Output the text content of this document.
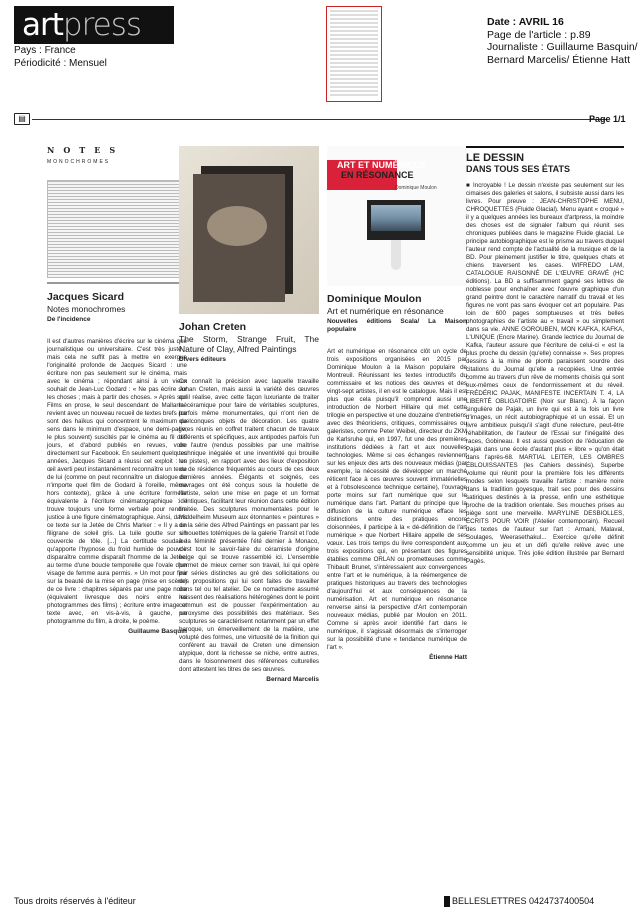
artpress
Pays : France
Périodicité : Mensuel
Date : AVRIL 16
Page de l'article : p.89
Journaliste : Guillaume Basquin/
Bernard Marcelis/ Étienne Hatt
▤	Page 1/1
NOTES
MONOCHROMES
Jacques Sicard
Notes monochromes
De l'incidence
Il est d'autres manières d'écrire sur le cinéma que journalistique ou universitaire. C'est très juste ; mais cela ne suffit pas à mettre en exergue l'originalité profonde de Jacques Sicard : une écriture non pas seulement sur le cinéma, mais avec le cinéma ; répondant ainsi à un vieux souhait de Jean-Luc Godard : « Ne pas écrire sur les choses ; mais à partir des choses. » Après son Films en prose, le seul descendant de Mallarmé revient avec un nouveau recueil de textes brefs (ce sont des haïkus qui concentrent le maximum de sens dans le minimum d'espace, une demi-page, le plus souvent) suscités par le cinéma au fil des jours, et d'abord publiés en revues, voire directement sur Facebook. En seulement quelques années, Jacques Sicard a réussi cet exploit : un œil averti peut instantanément reconnaître un texte de lui (comme on peut reconnaître un dialogue de n'importe quel film de Godard à l'oreille, même hors contexte), grâce à une écriture formelle équivalente à l'écriture cinématographique : il trouve toujours une forme verbale pour rendre justice à une figure cinématographique. Ainsi, dans ce texte sur la Jetée de Chris Marker : « Il y a un filigrane de soleil gris. La tuile goutte sur un couvercle de tôle. [...] La certitude soudaine qu'apporte l'hypnose du froid humide de pouvoir disparaître comme disparaît l'homme de la Jetée, au terme d'une boucle temporelle que l'ovale d'un visage de femme aura permis. » Un mot pour finir sur la beauté de la mise en page (mise en scène) de ce livre : chapitres séparés par une page noire (équivalent livresque des noirs entre les photogrammes des films) ; écriture entre image et texte avec, en vis-à-vis, à gauche, un photogramme du film, à droite, le poème.
Guillaume Basquin
Johan Creten
The Storm, Strange Fruit, The Nature of Clay, Alfred Paintings
Divers éditeurs
On connaît la précision avec laquelle travaille Johan Creten, mais aussi la variété des œuvres qu'il réalise, avec cette façon luxuriante de traiter la céramique pour faire de véritables sculptures, parfois même monumentales, qui n'ont rien de quelconques objets de décoration. Les quatre livres réunis en coffret traitent chacun de travaux différents et spécifiques, aux antipodes parfois l'un de l'autre (rendus possibles par une maîtrise technique inégalée et une inventivité qui brouille les pistes), en rapport avec des lieux d'exposition ou de résidence fréquentés au cours de ces deux dernières années. Élégants et soignés, ces ouvrages ont été conçus sous la houlette de l'artiste, selon une mise en page et un format identiques, facilitant leur réunion dans cette édition limitée. Des sculptures monumentales pour le Middelheim Museum aux étonnantes « peintures » de la série des Alfred Paintings en passant par les silhouettes totémiques de la galerie Transit et l'ode à la féminité présentée l'été dernier à Monaco, c'est tout le savoir-faire du céramiste d'origine belge qui se trouve rassemblé ici. L'ensemble permet de mieux cerner son travail, lui qui opère par séries distinctes au gré des sollicitations ou des propositions qui lui sont faites de travailler dans tel ou tel atelier. De ce nomadisme assumé naissent des réalisations hétérogènes dont le point commun est de pousser l'expérimentation au paroxysme des possibilités des matériaux. Ses sculptures se caractérisent notamment par un effet baroque, un émerveillement de la matière, une volupté des formes, une virtuosité de la finition qui confèrent au travail de Creten une dimension atypique, dont la richesse se niche, entre autres, dans le foisonnement des références culturelles dont attestent les titres de ses œuvres.
Bernard Marcelis
ART ET NUMÉRIQUE
EN RÉSONANCE
Dominique Moulon
Dominique Moulon
Art et numérique en résonance
Nouvelles éditions Scala/ La Maison populaire
Art et numérique en résonance clôt un cycle de trois expositions organisées en 2015 par Dominique Moulon à la Maison populaire de Montreuil. Réunissant les textes introductifs du commissaire et les notices des œuvres et des vingt-sept artistes, il en est le catalogue. Mais il est plus que cela puisqu'il comprend aussi une introduction de Norbert Hillaire qui met cette trilogie en perspective et une douzaine d'entretiens avec des théoriciens, critiques, commissaires ou galeristes, comme Peter Weibel, directeur du ZKM de Karlsruhe qui, en 1997, fut une des premières institutions dédiées à l'art et aux nouvelles technologies. Même si ces échanges reviennent sur les enjeux des arts des nouveaux médias (par exemple, la nécessité de développer un marché réticent face à ces œuvres souvent immatérielles et à l'obsolescence technique certaine), l'ouvrage porte moins sur l'art numérique que sur le numérique dans l'art. Partant du principe que la diffusion de la culture numérique efface les distinctions entre des pratiques encore cloisonnées, il participe à la « dé-définition de l'art numérique » que Norbert Hillaire appelle de ses vœux. Les trois temps du livre correspondent aux trois expositions qui, en présentant des figures établies comme ORLAN ou prometteuses comme Thibault Brunet, s'intéressaient aux convergences entre l'art et le numérique, à la réémergence de pratiques historiques au travers des technologies d'aujourd'hui et aux conséquences de la numérisation. Art et numérique en résonance renverse ainsi la perspective d'Art contemporain nouveaux médias, publié par Moulon en 2011. Comme si après avoir identifié l'art dans le numérique, il s'agissait désormais de s'interroger sur la possibilité d'une « tendance numérique de l'art ».
Étienne Hatt
LE DESSIN
DANS TOUS SES ÉTATS
■ Incroyable ! Le dessin n'existe pas seulement sur les cimaises des galeries et salons, il subsiste aussi dans les livres. Pour preuve : JEAN-CHRISTOPHE MENU, CHROQUETTES (Fluide Glacial). Menu ayant « croqué » il y a quelques années les bureaux d'artpress, la moindre des choses est de signaler l'album qui réunit ses chroniques publiées dans le magazine Fluide glacial. Le principe autobiographique est le prisme au travers duquel l'auteur rend compte de l'actualité de la musique et de la BD. Pour pleinement justifier le titre, quelques chats et chiens traversent les cases. WIFREDO LAM, CATALOGUE RAISONNÉ DE L'ŒUVRE GRAVÉ (HC éditions). La BD a suffisamment gagné ses lettres de noblesse pour enchaîner avec l'œuvre graphique d'un grand peintre dont le caractère narratif du travail et les figures ne vont pas sans évoquer cet art populaire. Pas loin de 600 pages somptueuses et très belles photographies de l'artiste au « travail » ou simplement dans sa vie. ANNE GOROUBEN, MON KAFKA, KAFKA, L'UNIQUE (Encre Marine). Grande lectrice du Journal de Kafka, l'auteur assure que l'écriture de celui-ci « est la plus proche du dessin (qu'elle) connaisse ». Ses propres dessins à la mine de plomb paraissent sourdre des citations du Journal qu'elle a recopiées. Une entrée comme au travers d'un rêve de moments choisis qui sont eux-mêmes ceux de l'endormissement et du réveil. FRÉDÉRIC PAJAK, MANIFESTE INCERTAIN T. 4, LA LIBERTÉ OBLIGATOIRE (Noir sur Blanc). À la façon singulière de Pajak, un livre qui est à la fois un livre d'images, un récit autobiographique et un essai. Et un livre ambitieux puisqu'il s'agit d'une relecture, peut-être réhabilitation, de l'auteur de l'Essai sur l'inégalité des races, Gobineau. Il est aussi question de l'éducation de Pajak dans une école d'autant plus « libre » qu'on était dans l'après-68. MARTIAL LEITER, LES OMBRES ÉBLOUISSANTES (les Cahiers dessinés). Superbe volume qui réunit pour la première fois les différents modes selon lesquels travaille l'artiste : manière noire dans la tradition goyesque, trait sec pour des dessins satiriques destinés à la presse, enfin une esthétique proche de la tradition orientale. Ses mouches prises au piège sont une merveille. MARYLINE DESBIOLLES, ÉCRITS POUR VOIR (l'Atelier contemporain). Recueil des textes de l'auteur sur l'art : Armani, Malaval, Soulages, Weerasethakul... Exercice qu'elle définit comme un jeu et un défi qu'elle relève avec une sensibilité unique. Très jolie édition illustrée par Bernard Pagès.
Tous droits réservés à l'éditeur	BELLESLETTRES 0424737400504
